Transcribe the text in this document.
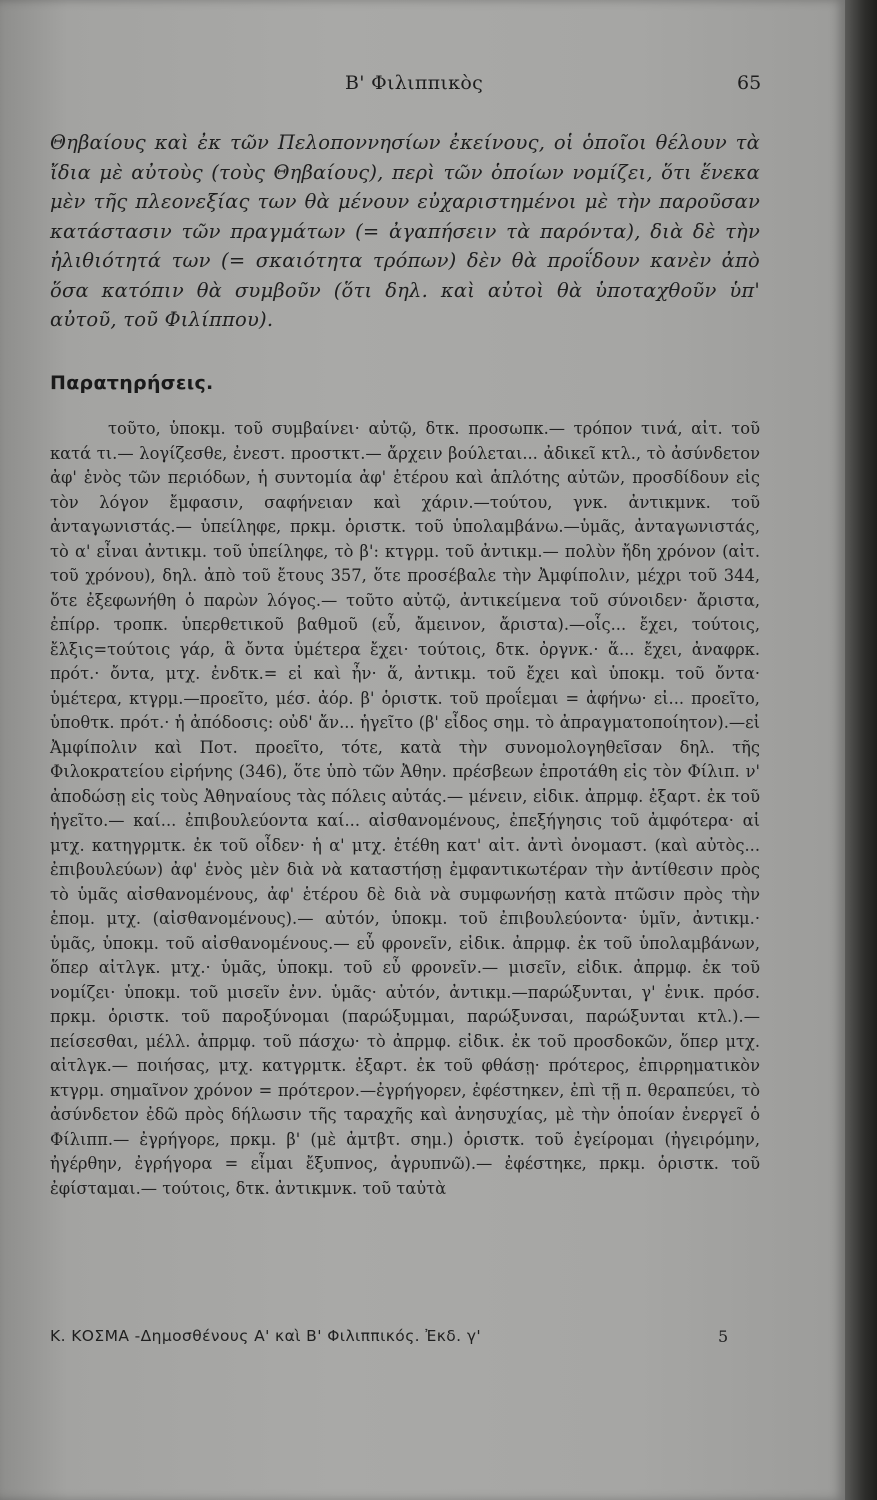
Β' Φιλιππικὸς	65

Θηβαίους καὶ ἐκ τῶν Πελοποννησίων ἐκείνους, οἱ ὁποῖοι θέλουν τὰ ἴδια μὲ αὐτοὺς (τοὺς Θηβαίους), περὶ τῶν ὁποίων νομίζει, ὅτι ἕνεκα μὲν τῆς πλεονεξίας των θὰ μένουν εὐχαριστημένοι μὲ τὴν παροῦσαν κατάστασιν τῶν πραγμάτων (= ἀγαπήσειν τὰ παρόντα), διὰ δὲ τὴν ἠλιθιότητά των (= σκαιότητα τρόπων) δὲν θὰ προΐδουν κανὲν ἀπὸ ὅσα κατόπιν θὰ συμβοῦν (ὅτι δηλ. καὶ αὐτοὶ θὰ ὑποταχθοῦν ὑπ' αὐτοῦ, τοῦ Φιλίππου).

Παρατηρήσεις.

τοῦτο, ὑποκμ. τοῦ συμβαίνει· αὐτῷ, δτκ. προσωπκ.— τρόπον τινά, αἰτ. τοῦ κατά τι.— λογίζεσθε, ἐνεστ. προστκτ.— ἄρχειν βούλεται... ἀδικεῖ κτλ., τὸ ἀσύνδετον ἀφ' ἑνὸς τῶν περιόδων, ἡ συντομία ἀφ' ἑτέρου καὶ ἁπλότης αὐτῶν, προσδίδουν εἰς τὸν λόγον ἔμφασιν, σαφήνειαν καὶ χάριν.—τούτου, γνκ. ἀντικμνκ. τοῦ ἀνταγωνιστάς.— ὑπείληφε, πρκμ. ὁριστκ. τοῦ ὑπολαμβάνω.—ὑμᾶς, ἀνταγωνιστάς, τὸ α' εἶναι ἀντικμ. τοῦ ὑπείληφε, τὸ β': κτγρμ. τοῦ ἀντικμ.— πολὺν ἤδη χρόνον (αἰτ. τοῦ χρόνου), δηλ. ἀπὸ τοῦ ἔτους 357, ὅτε προσέβαλε τὴν Ἀμφίπολιν, μέχρι τοῦ 344, ὅτε ἐξεφωνήθη ὁ παρὼν λόγος.— τοῦτο αὐτῷ, ἀντικείμενα τοῦ σύνοιδεν· ἄριστα, ἐπίρρ. τροπκ. ὑπερθετικοῦ βαθμοῦ (εὖ, ἄμεινον, ἄριστα).—οἷς... ἔχει, τούτοις, ἔλξις=τούτοις γάρ, ἃ ὄντα ὑμέτερα ἔχει· τούτοις, δτκ. ὀργνκ.· ἅ... ἔχει, ἀναφρκ. πρότ.· ὄντα, μτχ. ἐνδτκ.= εἰ καὶ ἦν· ἅ, ἀντικμ. τοῦ ἔχει καὶ ὑποκμ. τοῦ ὄντα· ὑμέτερα, κτγρμ.—προεῖτο, μέσ. ἀόρ. β' ὁριστκ. τοῦ προΐεμαι = ἀφήνω· εἰ... προεῖτο, ὑποθτκ. πρότ.· ἡ ἀπόδοσις: οὐδ' ἄν... ἡγεῖτο (β' εἶδος σημ. τὸ ἀπραγματοποίητον).—εἰ Ἀμφίπολιν καὶ Ποτ. προεῖτο, τότε, κατὰ τὴν συνομολογηθεῖσαν δηλ. τῆς Φιλοκρατείου εἰρήνης (346), ὅτε ὑπὸ τῶν Ἀθην. πρέσβεων ἐπροτάθη εἰς τὸν Φίλιπ. ν' ἀποδώσῃ εἰς τοὺς Ἀθηναίους τὰς πόλεις αὐτάς.— μένειν, εἰδικ. ἀπρμφ. ἐξαρτ. ἐκ τοῦ ἡγεῖτο.— καί... ἐπιβουλεύοντα καί... αἰσθανομένους, ἐπεξήγησις τοῦ ἀμφότερα· αἱ μτχ. κατηγρμτκ. ἐκ τοῦ οἶδεν· ἡ α' μτχ. ἐτέθη κατ' αἰτ. ἀντὶ ὀνομαστ. (καὶ αὐτὸς... ἐπιβουλεύων) ἀφ' ἑνὸς μὲν διὰ νὰ καταστήσῃ ἐμφαντικωτέραν τὴν ἀντίθεσιν πρὸς τὸ ὑμᾶς αἰσθανομένους, ἀφ' ἑτέρου δὲ διὰ νὰ συμφωνήσῃ κατὰ πτῶσιν πρὸς τὴν ἑπομ. μτχ. (αἰσθανομένους).— αὐτόν, ὑποκμ. τοῦ ἐπιβουλεύοντα· ὑμῖν, ἀντικμ.· ὑμᾶς, ὑποκμ. τοῦ αἰσθανομένους.— εὖ φρονεῖν, εἰδικ. ἀπρμφ. ἐκ τοῦ ὑπολαμβάνων, ὅπερ αἰτλγκ. μτχ.· ὑμᾶς, ὑποκμ. τοῦ εὖ φρονεῖν.— μισεῖν, εἰδικ. ἀπρμφ. ἐκ τοῦ νομίζει· ὑποκμ. τοῦ μισεῖν ἐνν. ὑμᾶς· αὐτόν, ἀντικμ.—παρώξυνται, γ' ἑνικ. πρόσ. πρκμ. ὁριστκ. τοῦ παροξύνομαι (παρώξυμμαι, παρώξυνσαι, παρώξυνται κτλ.).—πείσεσθαι, μέλλ. ἀπρμφ. τοῦ πάσχω· τὸ ἀπρμφ. εἰδικ. ἐκ τοῦ προσδοκῶν, ὅπερ μτχ. αἰτλγκ.— ποιήσας, μτχ. κατγρμτκ. ἐξαρτ. ἐκ τοῦ φθάσῃ· πρότερος, ἐπιρρηματικὸν κτγρμ. σημαῖνον χρόνον = πρότερον.—ἐγρήγορεν, ἐφέστηκεν, ἐπὶ τῇ π. θεραπεύει, τὸ ἀσύνδετον ἐδῶ πρὸς δήλωσιν τῆς ταραχῆς καὶ ἀνησυχίας, μὲ τὴν ὁποίαν ἐνεργεῖ ὁ Φίλιππ.— ἐγρήγορε, πρκμ. β' (μὲ ἀμτβτ. σημ.) ὁριστκ. τοῦ ἐγείρομαι (ἠγειρόμην, ἠγέρθην, ἐγρήγορα = εἶμαι ἔξυπνος, ἀγρυπνῶ).— ἐφέστηκε, πρκμ. ὁριστκ. τοῦ ἐφίσταμαι.— τούτοις, δτκ. ἀντικμνκ. τοῦ ταὐτὰ

Κ. ΚΟΣΜΑ -Δημοσθένους Α' καὶ Β' Φιλιππικός. Ἐκδ. γ'	5
